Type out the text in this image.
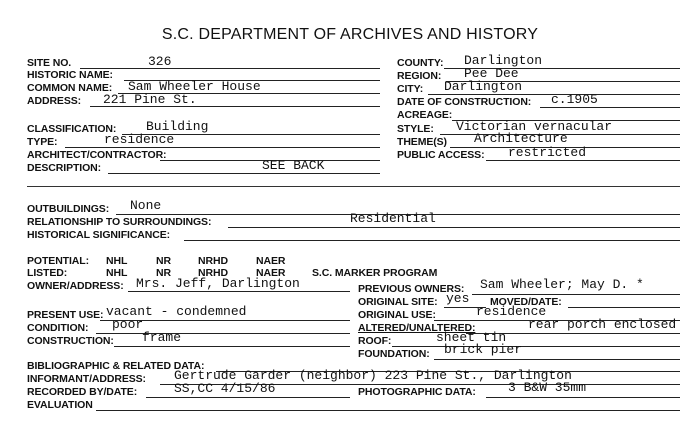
S.C. DEPARTMENT OF ARCHIVES AND HISTORY
SITE NO.	326
HISTORIC NAME:
COMMON NAME: Sam Wheeler House
ADDRESS: 221 Pine St.
COUNTY: Darlington
REGION: Pee Dee
CITY: Darlington
DATE OF CONSTRUCTION: c.1905
ACREAGE:
CLASSIFICATION: Building
TYPE:	residence
ARCHITECT/CONTRACTOR:
DESCRIPTION:	SEE BACK
STYLE: Victorian vernacular
THEME(S) Architecture
PUBLIC ACCESS: restricted
OUTBUILDINGS: None
RELATIONSHIP TO SURROUNDINGS:	Residential
HISTORICAL SIGNIFICANCE:
POTENTIAL: NHL	NR	NRHD	NAER
LISTED:	NHL	NR	NRHD	NAER	S.C. MARKER PROGRAM
OWNER/ADDRESS: Mrs. Jeff, Darlington	PREVIOUS OWNERS: Sam Wheeler; May D. *
ORIGINAL SITE: yes MOVED/DATE:
PRESENT USE: vacant - condemned
CONDITION: poor
CONSTRUCTION: frame
ORIGINAL USE:	residence
ALTERED/UNALTERED:	rear porch enclosed
ROOF:	sheet tin
FOUNDATION: brick pier
BIBLIOGRAPHIC & RELATED DATA:
INFORMANT/ADDRESS: Gertrude Garder (neighbor) 223 Pine St., Darlington
RECORDED BY/DATE:	SS,CC 4/15/86	PHOTOGRAPHIC DATA: 3 B&W 35mm
EVALUATION
